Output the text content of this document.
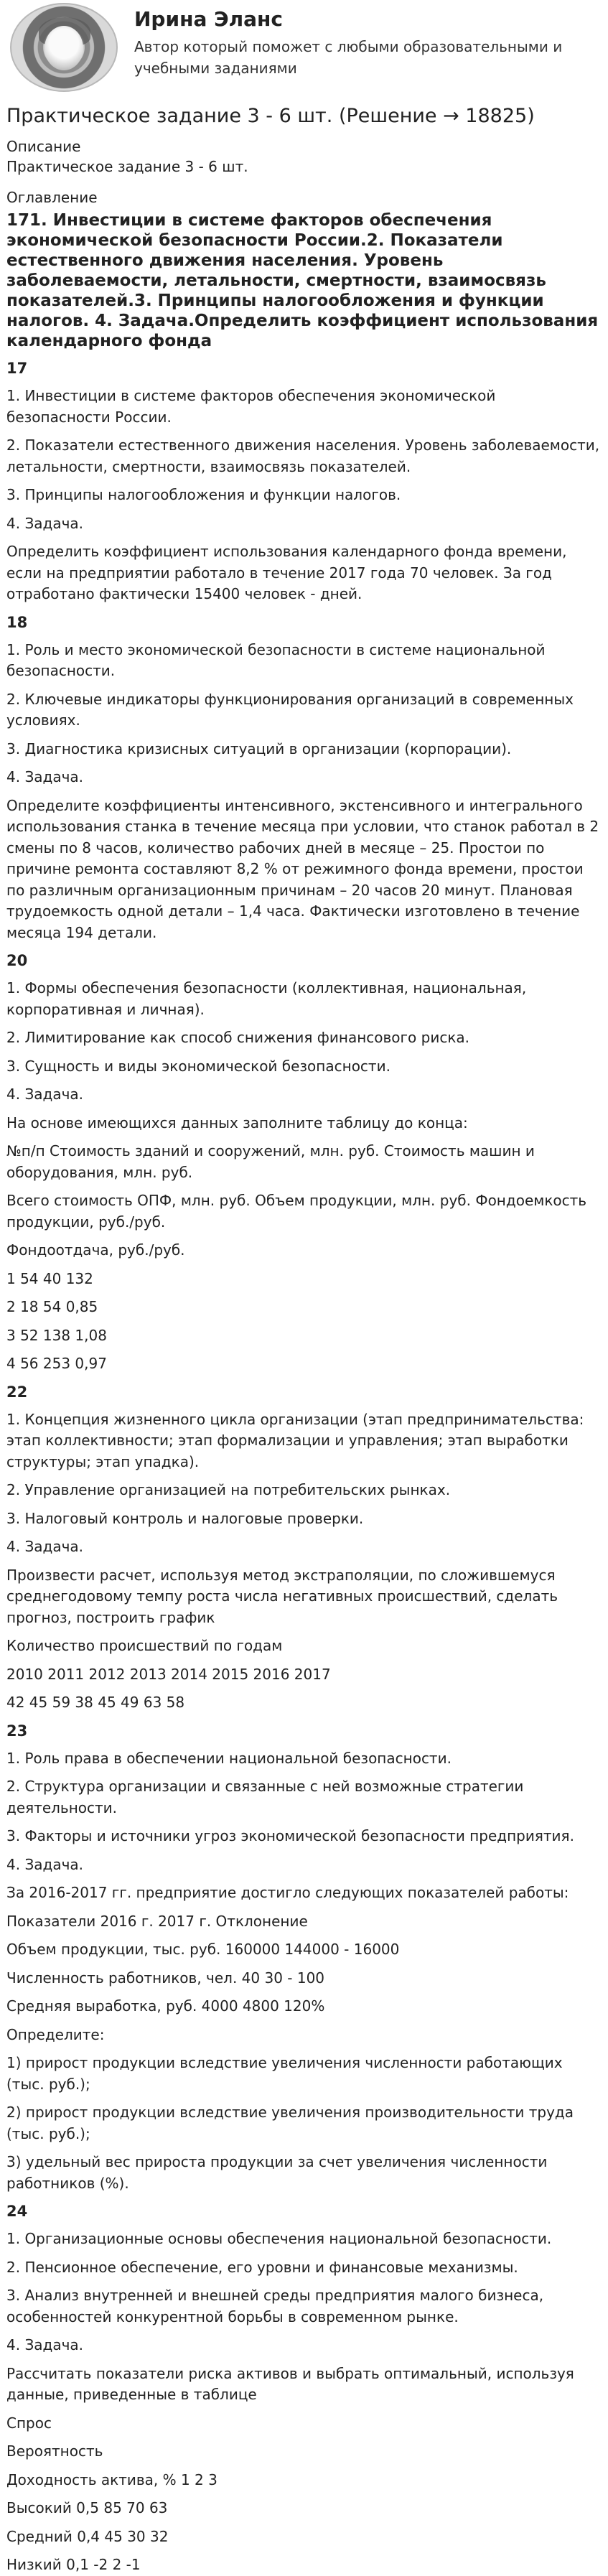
Ирина Эланс
Автор который поможет с любыми образовательными и учебными заданиями
Практическое задание 3 - 6 шт. (Решение → 18825)
Описание
Практическое задание 3 - 6 шт.
Оглавление
171. Инвестиции в системе факторов обеспечения экономической безопасности России.2. Показатели естественного движения населения. Уровень заболеваемости, летальности, смертности, взаимосвязь показателей.3. Принципы налогообложения и функции налогов. 4. Задача.Определить коэффициент использования календарного фонда
17

1. Инвестиции в системе факторов обеспечения экономической безопасности России.

2. Показатели естественного движения населения. Уровень заболеваемости, летальности, смертности, взаимосвязь показателей.

3. Принципы налогообложения и функции налогов.

4. Задача.

Определить коэффициент использования календарного фонда времени, если на предприятии работало в течение 2017 года 70 человек. За год отработано фактически 15400 человек - дней.

18

1. Роль и место экономической безопасности в системе национальной безопасности.

2. Ключевые индикаторы функционирования организаций в современных условиях.

3. Диагностика кризисных ситуаций в организации (корпорации).

4. Задача.

Определите коэффициенты интенсивного, экстенсивного и интегрального использования станка в течение месяца при условии, что станок работал в 2 смены по 8 часов, количество рабочих дней в месяце – 25. Простои по причине ремонта составляют 8,2 % от режимного фонда времени, простои по различным организационным причинам – 20 часов 20 минут. Плановая трудоемкость одной детали – 1,4 часа. Фактически изготовлено в течение месяца 194 детали.

20

1. Формы обеспечения безопасности (коллективная, национальная, корпоративная и личная).

2. Лимитирование как способ снижения финансового риска.

3. Сущность и виды экономической безопасности.

4. Задача.

На основе имеющихся данных заполните таблицу до конца:

№п/п Стоимость зданий и сооружений, млн. руб. Стоимость машин и оборудования, млн. руб.

Всего стоимость ОПФ, млн. руб. Объем продукции, млн. руб. Фондоемкость продукции, руб./руб.

Фондоотдача, руб./руб.

1 54 40 132

2 18 54 0,85

3 52 138 1,08

4 56 253 0,97

22

1. Концепция жизненного цикла организации (этап предпринимательства: этап коллективности; этап формализации и управления; этап выработки структуры; этап упадка).

2. Управление организацией на потребительских рынках.

3. Налоговый контроль и налоговые проверки.

4. Задача.

Произвести расчет, используя метод экстраполяции, по сложившемуся среднегодовому темпу роста числа негативных происшествий, сделать прогноз, построить график

Количество происшествий по годам

2010 2011 2012 2013 2014 2015 2016 2017

42 45 59 38 45 49 63 58

23

1. Роль права в обеспечении национальной безопасности.

2. Структура организации и связанные с ней возможные стратегии деятельности.

3. Факторы и источники угроз экономической безопасности предприятия.

4. Задача.

За 2016-2017 гг. предприятие достигло следующих показателей работы:

Показатели 2016 г. 2017 г. Отклонение

Объем продукции, тыс. руб. 160000 144000 - 16000

Численность работников, чел. 40 30 - 100

Средняя выработка, руб. 4000 4800 120%

Определите:

1) прирост продукции вследствие увеличения численности работающих (тыс. руб.);

2) прирост продукции вследствие увеличения производительности труда (тыс. руб.);

3) удельный вес прироста продукции за счет увеличения численности работников (%).

24

1. Организационные основы обеспечения национальной безопасности.

2. Пенсионное обеспечение, его уровни и финансовые механизмы.

3. Анализ внутренней и внешней среды предприятия малого бизнеса, особенностей конкурентной борьбы в современном рынке.

4. Задача.

Рассчитать показатели риска активов и выбрать оптимальный, используя данные, приведенные в таблице

Спрос

Вероятность

Доходность актива, % 1 2 3

Высокий 0,5 85 70 63

Средний 0,4 45 30 32

Низкий 0,1 -2 2 -1
